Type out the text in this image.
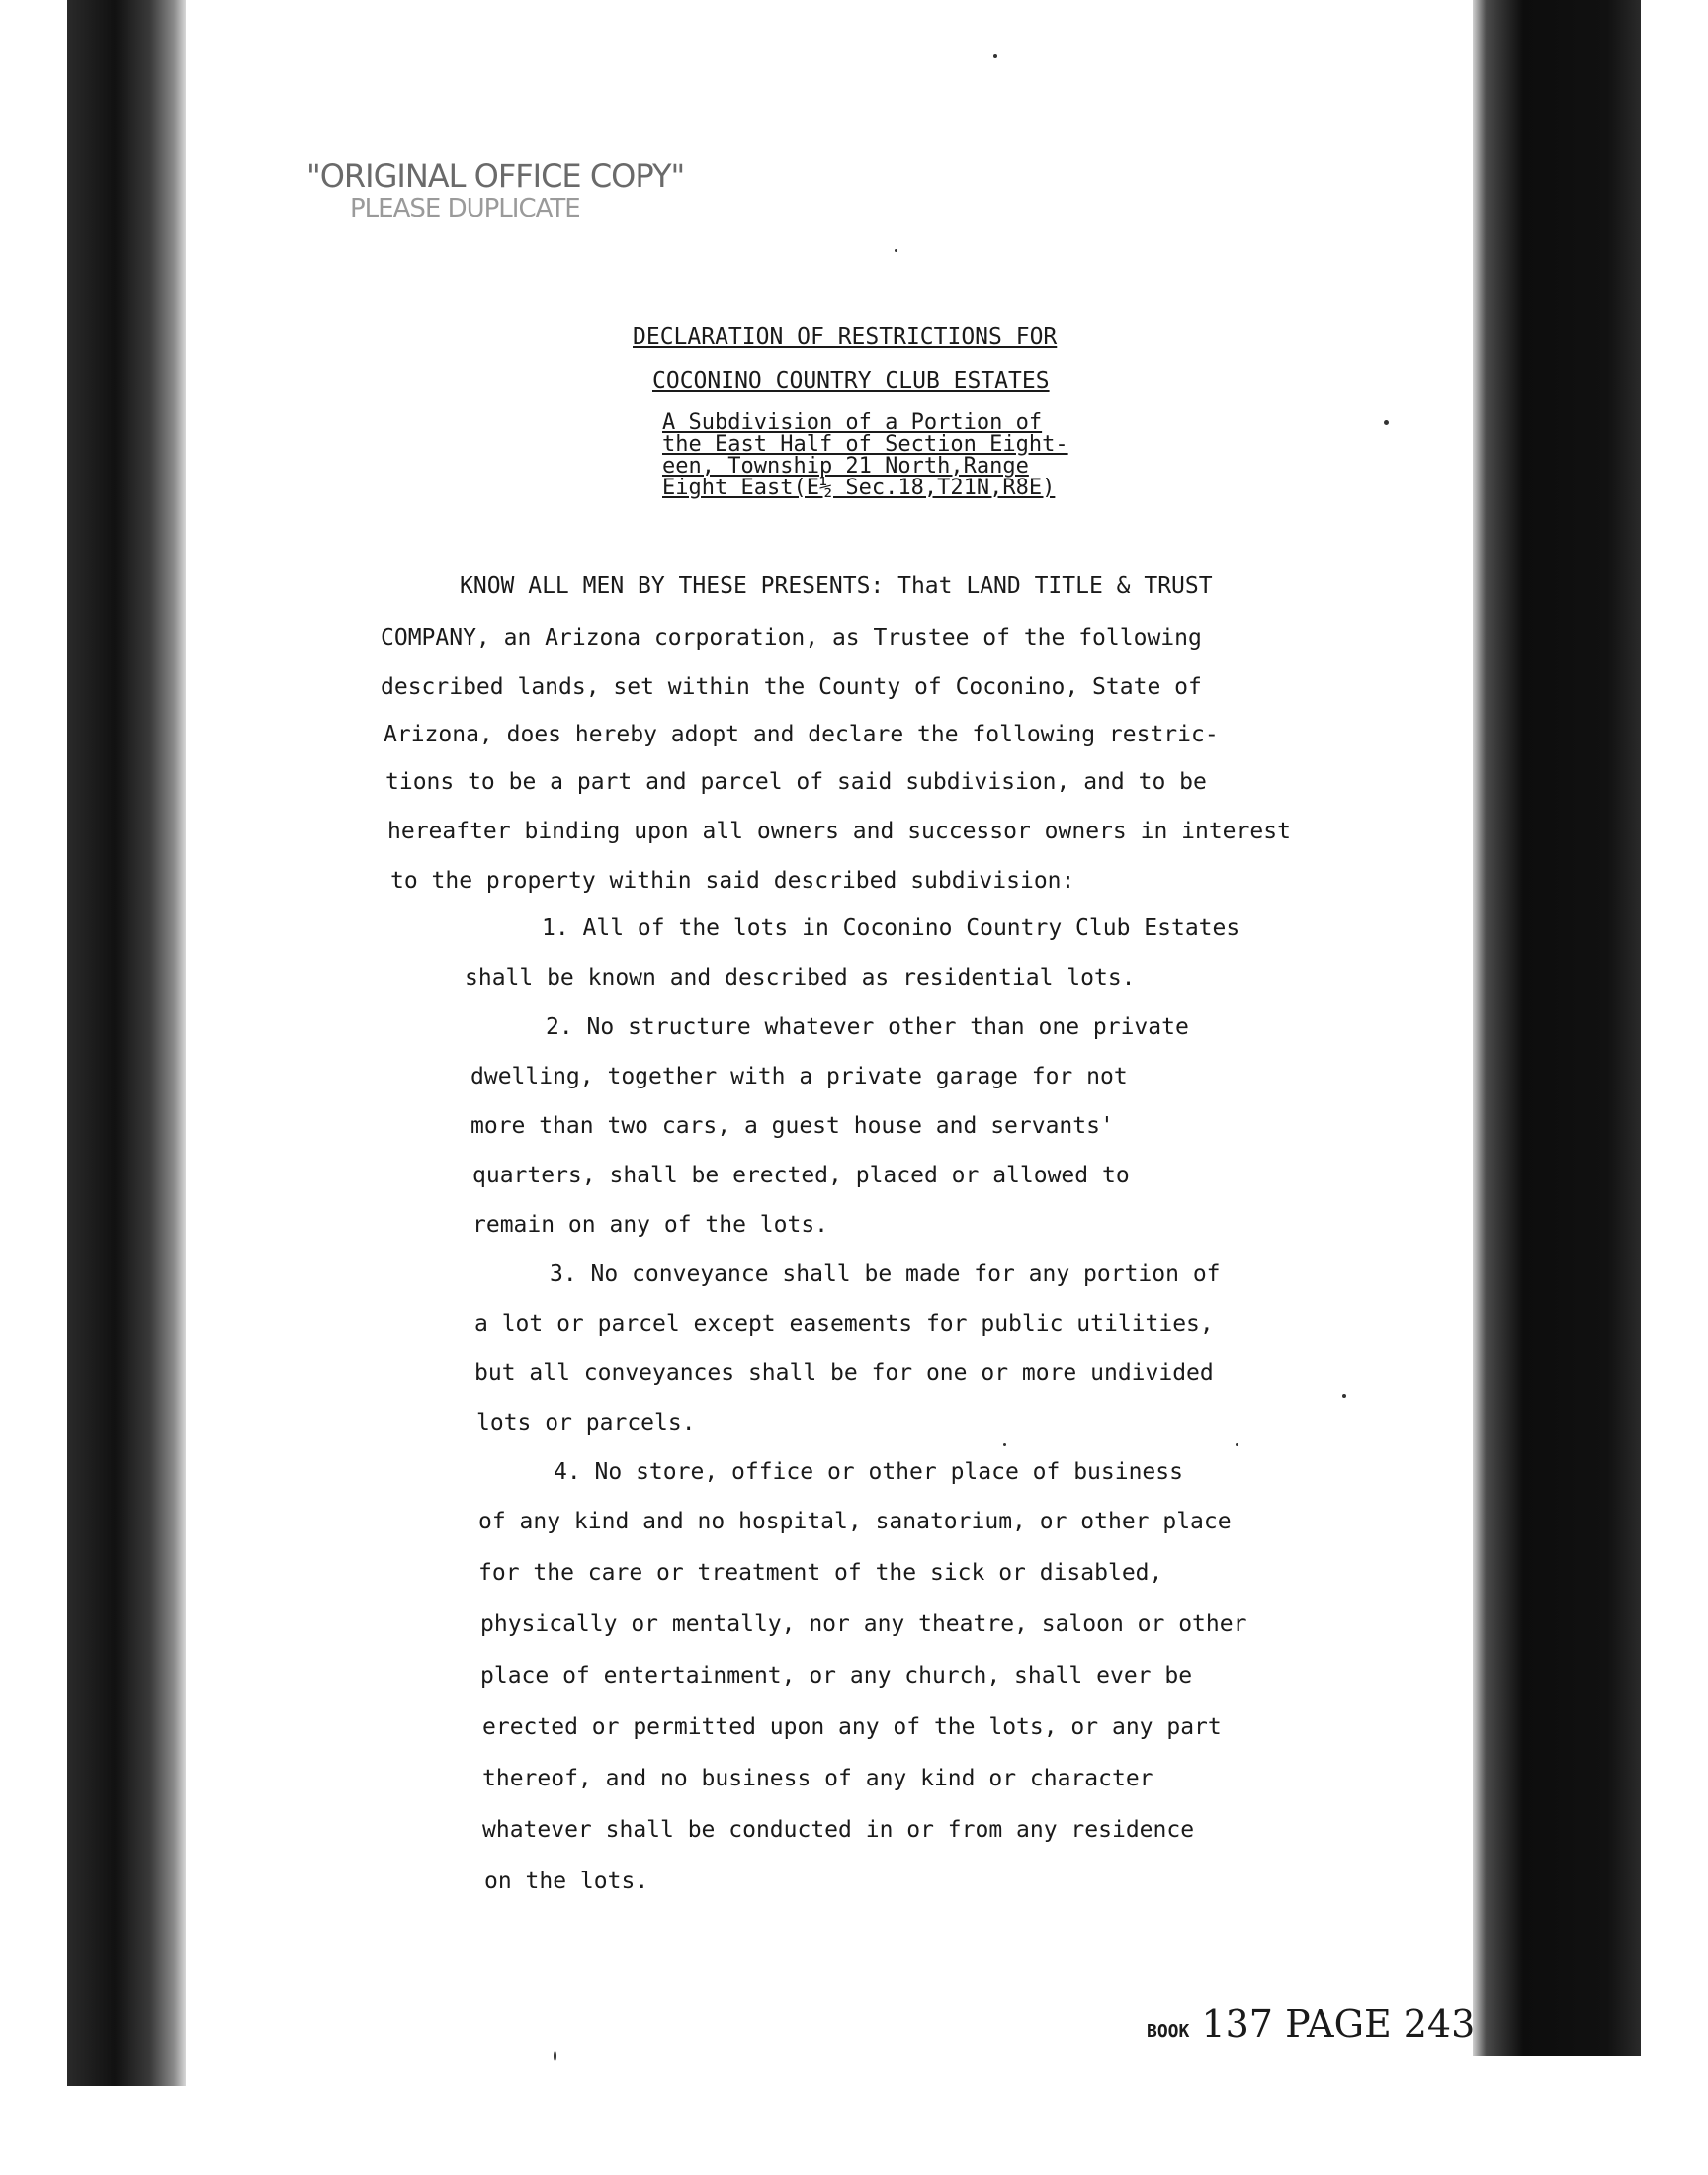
"ORIGINAL OFFICE COPY"
PLEASE DUPLICATE
DECLARATION OF RESTRICTIONS FOR
COCONINO COUNTRY CLUB ESTATES
A Subdivision of a Portion of
the East Half of Section Eight-
een, Township 21 North,Range
Eight East(E½ Sec.18,T21N,R8E)
KNOW ALL MEN BY THESE PRESENTS: That LAND TITLE & TRUST
COMPANY, an Arizona corporation, as Trustee of the following
described lands, set within the County of Coconino, State of
Arizona, does hereby adopt and declare the following restric-
tions to be a part and parcel of said subdivision, and to be
hereafter binding upon all owners and successor owners in interest
to the property within said described subdivision:
1. All of the lots in Coconino Country Club Estates
shall be known and described as residential lots.
2. No structure whatever other than one private
dwelling, together with a private garage for not
more than two cars, a guest house and servants'
quarters, shall be erected, placed or allowed to
remain on any of the lots.
3. No conveyance shall be made for any portion of
a lot or parcel except easements for public utilities,
but all conveyances shall be for one or more undivided
lots or parcels.
4. No store, office or other place of business
of any kind and no hospital, sanatorium, or other place
for the care or treatment of the sick or disabled,
physically or mentally, nor any theatre, saloon or other
place of entertainment, or any church, shall ever be
erected or permitted upon any of the lots, or any part
thereof, and no business of any kind or character
whatever shall be conducted in or from any residence
on the lots.
BOOK 137 PAGE 243
